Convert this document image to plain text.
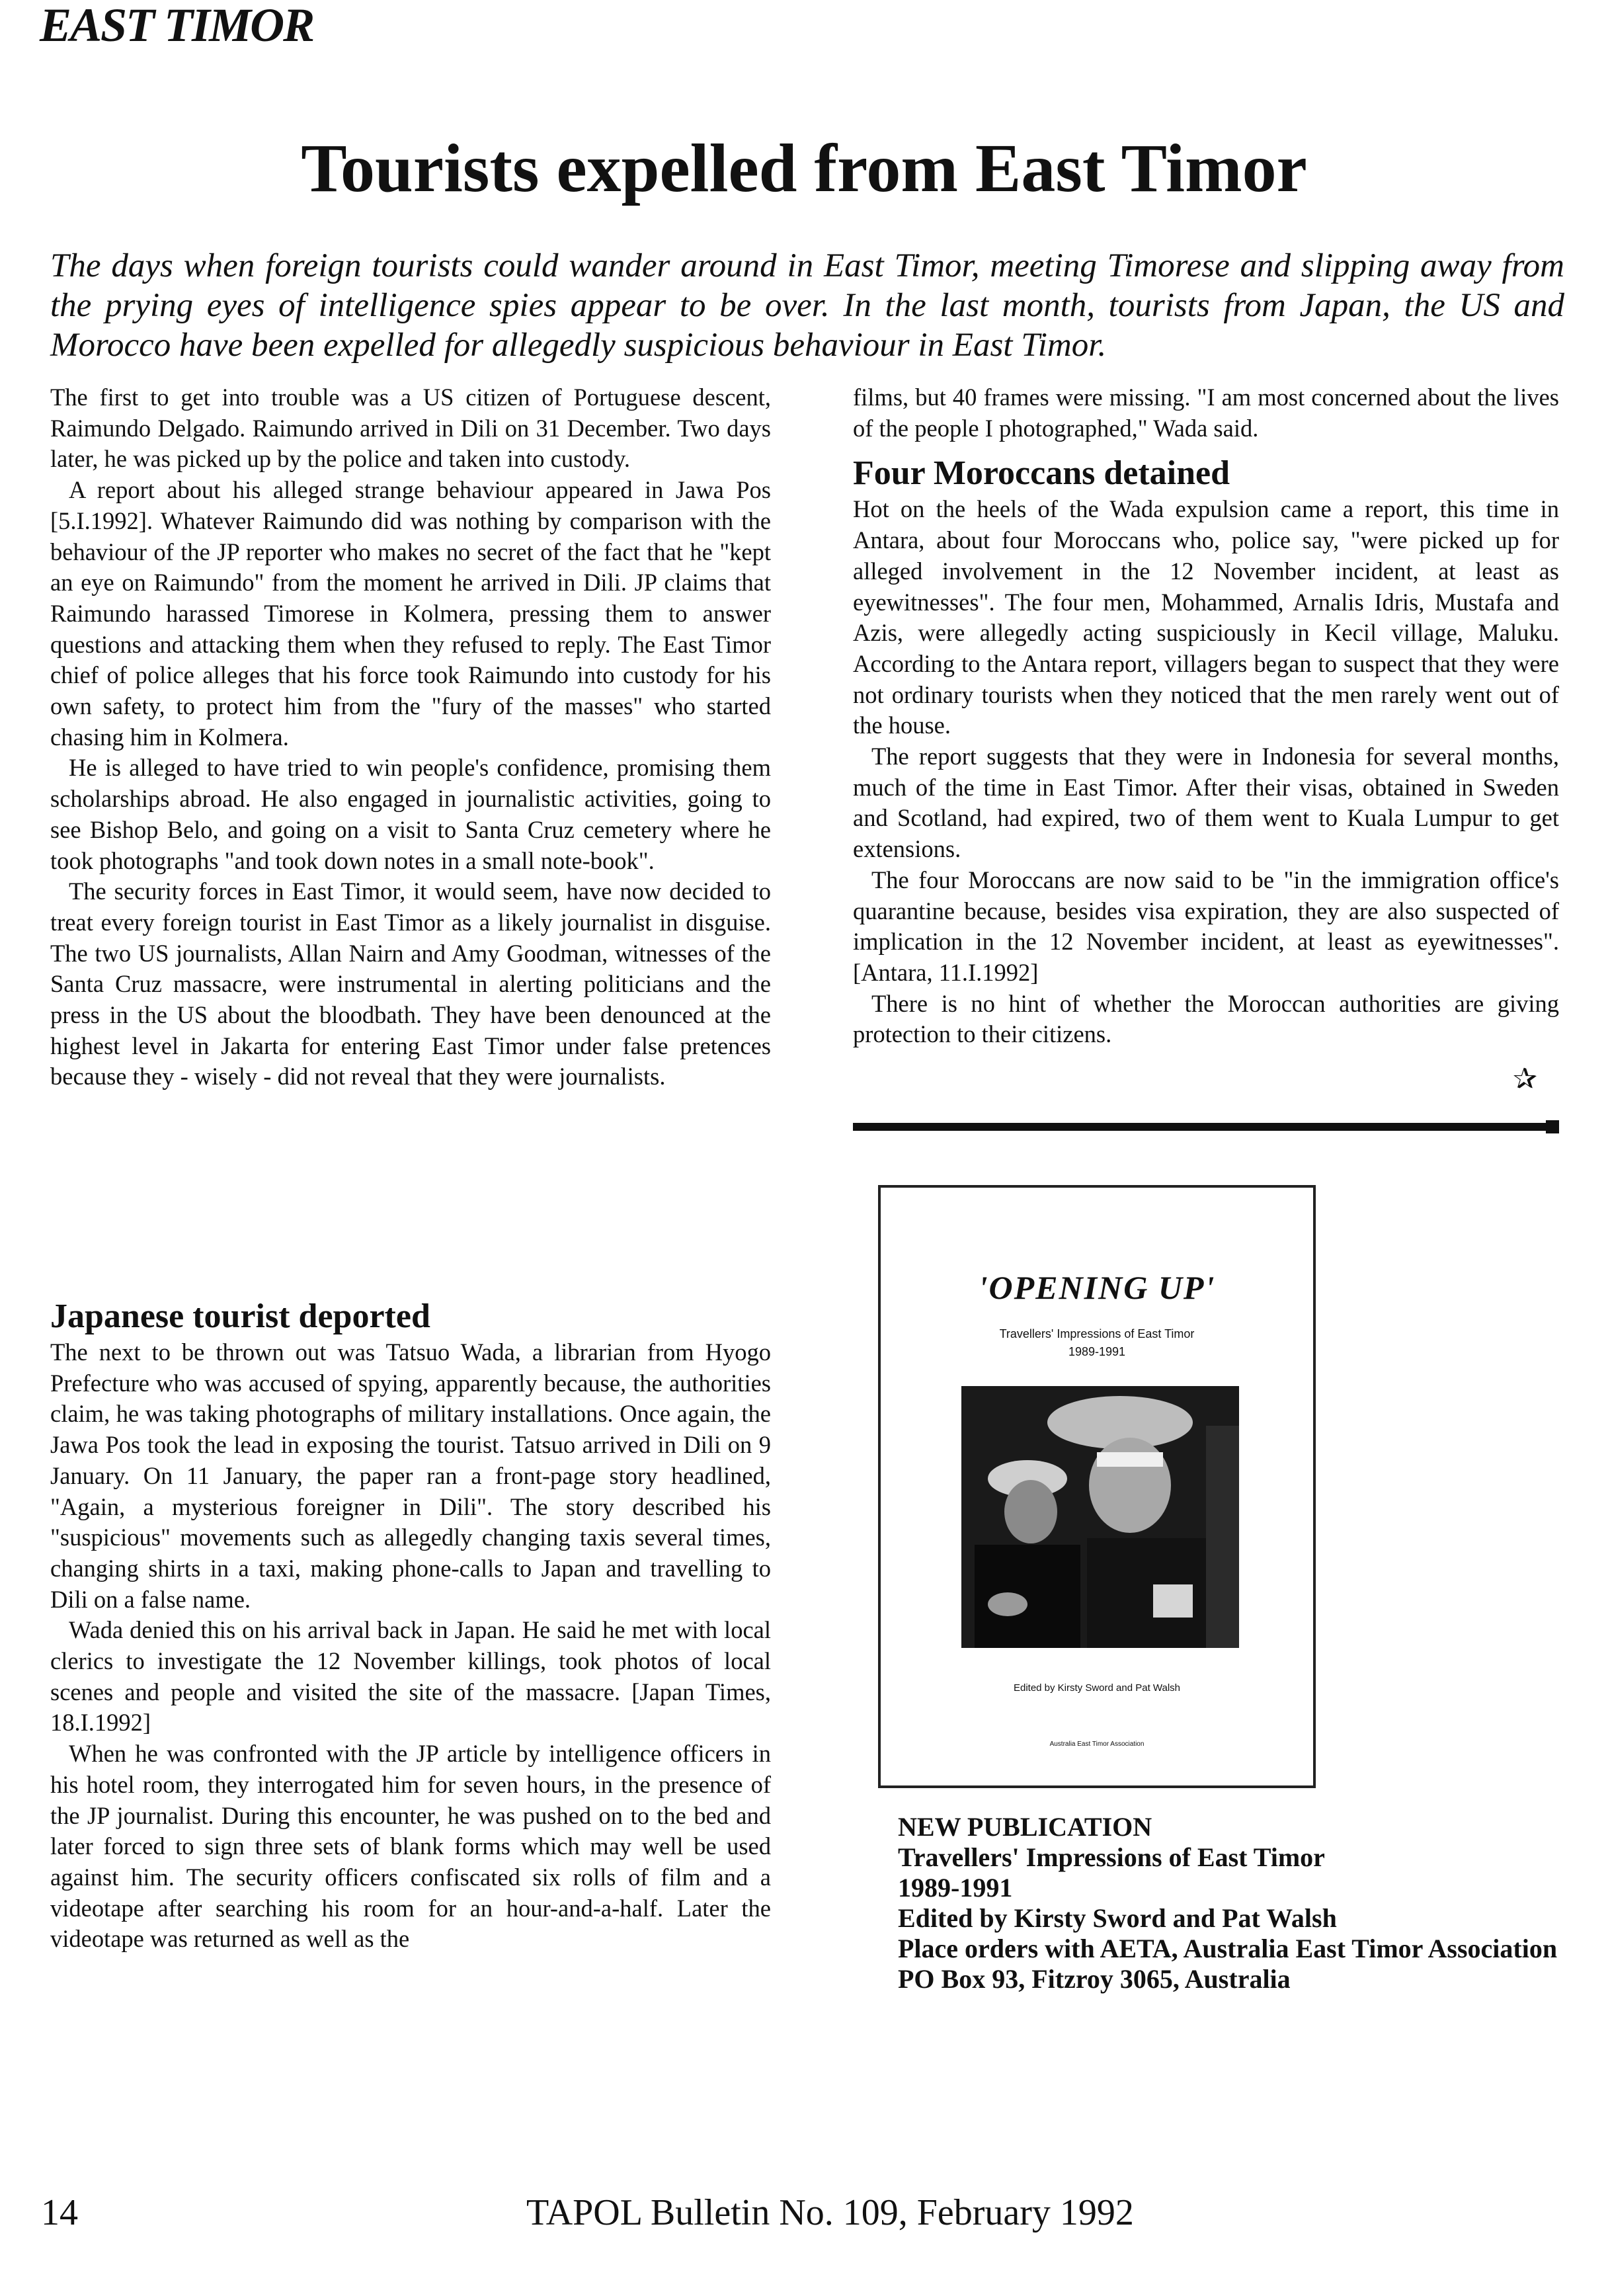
EAST TIMOR
Tourists expelled from East Timor

The days when foreign tourists could wander around in East Timor, meeting Timorese and slipping away from the prying eyes of intelligence spies appear to be over. In the last month, tourists from Japan, the US and Morocco have been expelled for allegedly suspicious behaviour in East Timor.

The first to get into trouble was a US citizen of Portuguese descent, Raimundo Delgado. Raimundo arrived in Dili on 31 December. Two days later, he was picked up by the police and taken into custody.

A report about his alleged strange behaviour appeared in Jawa Pos [5.I.1992]. Whatever Raimundo did was nothing by comparison with the behaviour of the JP reporter who makes no secret of the fact that he "kept an eye on Raimundo" from the moment he arrived in Dili. JP claims that Raimundo harassed Timorese in Kolmera, pressing them to answer questions and attacking them when they refused to reply. The East Timor chief of police alleges that his force took Raimundo into custody for his own safety, to protect him from the "fury of the masses" who started chasing him in Kolmera.

He is alleged to have tried to win people's confidence, promising them scholarships abroad. He also engaged in journalistic activities, going to see Bishop Belo, and going on a visit to Santa Cruz cemetery where he took photographs "and took down notes in a small note-book".

The security forces in East Timor, it would seem, have now decided to treat every foreign tourist in East Timor as a likely journalist in disguise. The two US journalists, Allan Nairn and Amy Goodman, witnesses of the Santa Cruz massacre, were instrumental in alerting politicians and the press in the US about the bloodbath. They have been denounced at the highest level in Jakarta for entering East Timor under false pretences because they - wisely - did not reveal that they were journalists.

Japanese tourist deported

The next to be thrown out was Tatsuo Wada, a librarian from Hyogo Prefecture who was accused of spying, apparently because, the authorities claim, he was taking photographs of military installations. Once again, the Jawa Pos took the lead in exposing the tourist. Tatsuo arrived in Dili on 9 January. On 11 January, the paper ran a front-page story headlined, "Again, a mysterious foreigner in Dili". The story described his "suspicious" movements such as allegedly changing taxis several times, changing shirts in a taxi, making phone-calls to Japan and travelling to Dili on a false name.

Wada denied this on his arrival back in Japan. He said he met with local clerics to investigate the 12 November killings, took photos of local scenes and people and visited the site of the massacre. [Japan Times, 18.I.1992]

When he was confronted with the JP article by intelligence officers in his hotel room, they interrogated him for seven hours, in the presence of the JP journalist. During this encounter, he was pushed on to the bed and later forced to sign three sets of blank forms which may well be used against him. The security officers confiscated six rolls of film and a videotape after searching his room for an hour-and-a-half. Later the videotape was returned as well as the

films, but 40 frames were missing. "I am most concerned about the lives of the people I photographed," Wada said.

Four Moroccans detained

Hot on the heels of the Wada expulsion came a report, this time in Antara, about four Moroccans who, police say, "were picked up for alleged involvement in the 12 November incident, at least as eyewitnesses". The four men, Mohammed, Arnalis Idris, Mustafa and Azis, were allegedly acting suspiciously in Kecil village, Maluku. According to the Antara report, villagers began to suspect that they were not ordinary tourists when they noticed that the men rarely went out of the house.

The report suggests that they were in Indonesia for several months, much of the time in East Timor. After their visas, obtained in Sweden and Scotland, had expired, two of them went to Kuala Lumpur to get extensions.

The four Moroccans are now said to be "in the immigration office's quarantine because, besides visa expiration, they are also suspected of implication in the 12 November incident, at least as eyewitnesses". [Antara, 11.I.1992]

There is no hint of whether the Moroccan authorities are giving protection to their citizens.

✰
'OPENING UP'
Travellers' Impressions of East Timor
1989-1991
Edited by Kirsty Sword and Pat Walsh
Australia East Timor Association
NEW PUBLICATION
Travellers' Impressions of East Timor
1989-1991
Edited by Kirsty Sword and Pat Walsh
Place orders with AETA, Australia East Timor Association
PO Box 93, Fitzroy 3065, Australia

14	TAPOL Bulletin No. 109, February 1992
